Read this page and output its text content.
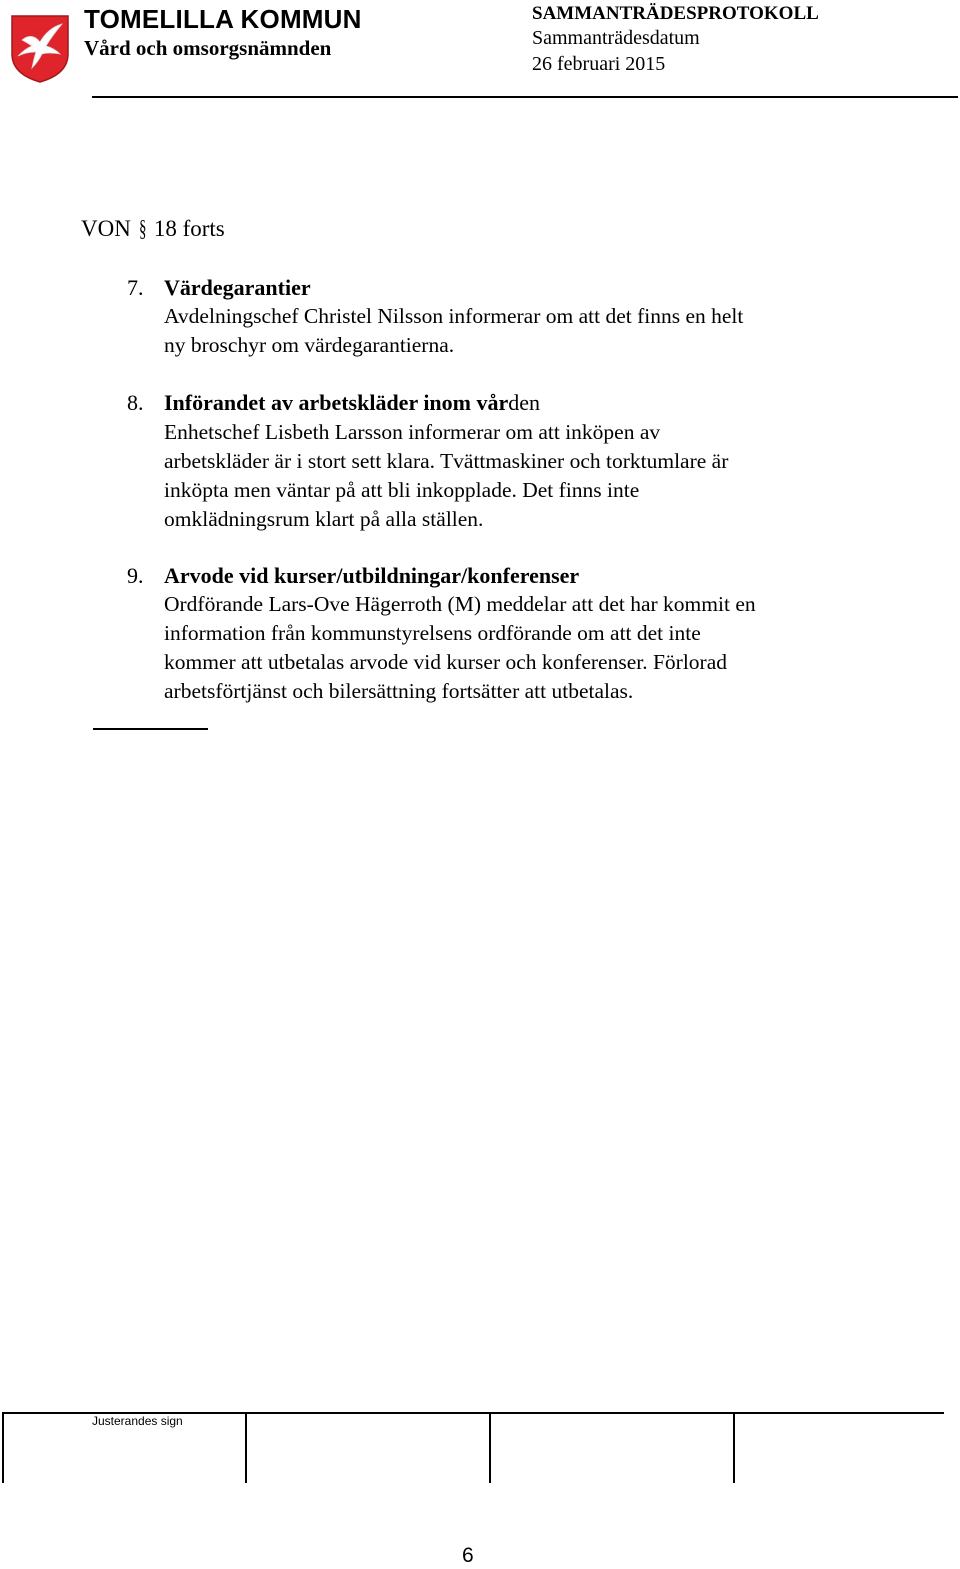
TOMELILLA KOMMUN
Vård och omsorgsnämnden
SAMMANTRÄDESPROTOKOLL
Sammanträdesdatum
26 februari 2015
VON § 18 forts
7. Värdegarantier

Avdelningschef Christel Nilsson informerar om att det finns en helt

ny broschyr om värdegarantierna.

8. Införandet av arbetskläder inom vården

Enhetschef Lisbeth Larsson informerar om att inköpen av

arbetskläder är i stort sett klara. Tvättmaskiner och torktumlare är

inköpta men väntar på att bli inkopplade. Det finns inte

omklädningsrum klart på alla ställen.

9. Arvode vid kurser/utbildningar/konferenser

Ordförande Lars-Ove Hägerroth (M) meddelar att det har kommit en

information från kommunstyrelsens ordförande om att det inte

kommer att utbetalas arvode vid kurser och konferenser. Förlorad

arbetsförtjänst och bilersättning fortsätter att utbetalas.

Justerandes sign
6
